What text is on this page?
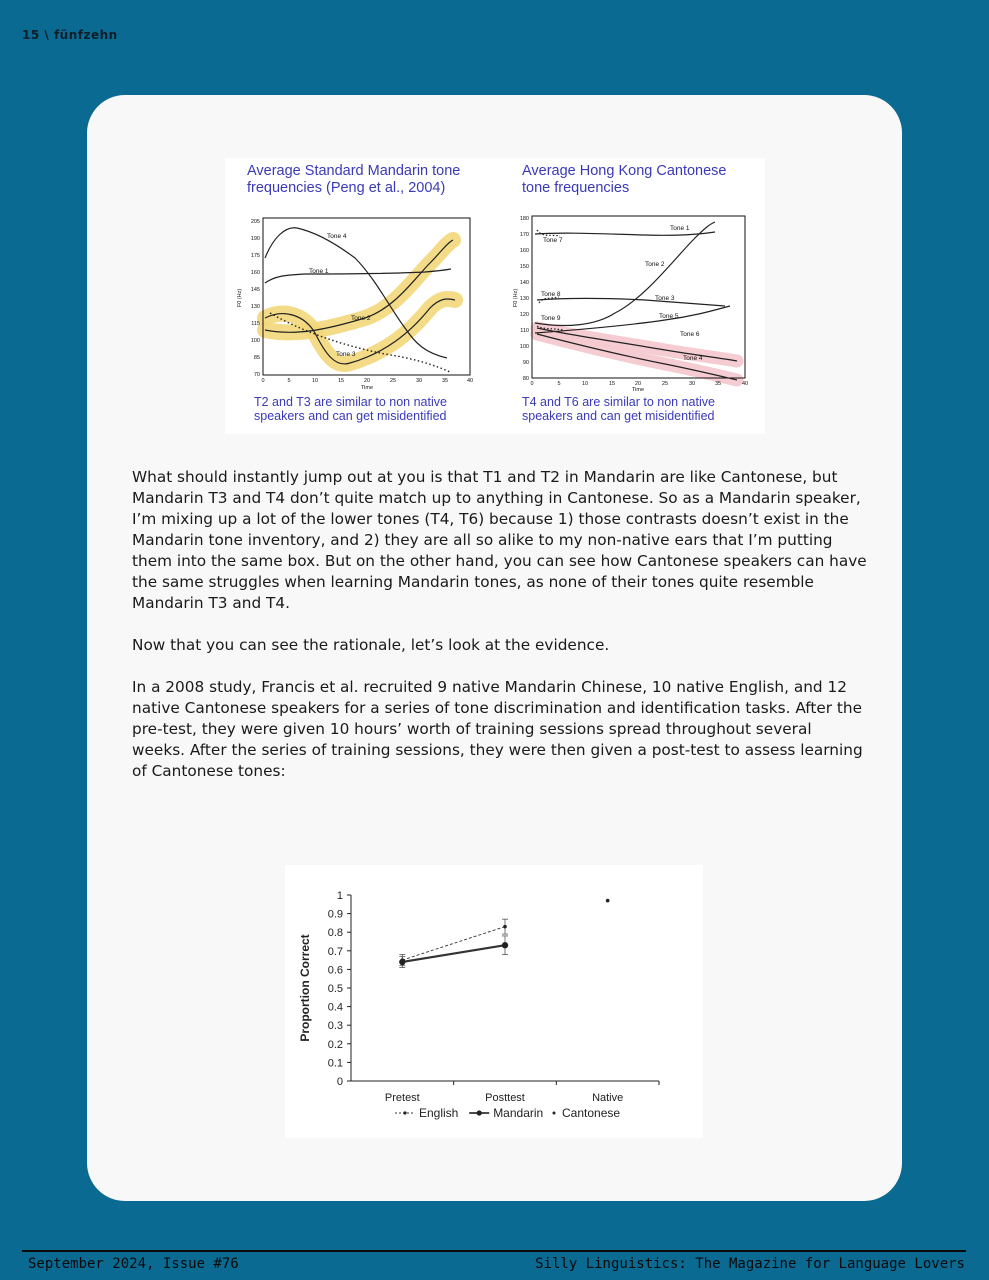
15 \ fünfzehn
Average Standard Mandarin tone
frequencies (Peng et al., 2004)
Average Hong Kong Cantonese
tone frequencies
205
190
175
160
145
130
115
100
85
70
F0 (Hz)
0	5	10	15	20	25	30	35	40
Time
Tone 4
Tone 1
Tone 2
Tone 3
180
170
160
150
140
130
120
110
100
90
80
F0 (Hz)
0	5	10	15	20	25	30	35	40
Time
Tone 1
Tone 7
Tone 2
Tone 8
Tone 3
Tone 9	Tone 5
Tone 6
Tone 4
T2 and T3 are similar to non native
speakers and can get misidentified
T4 and T6 are similar to non native
speakers and can get misidentified

What should instantly jump out at you is that T1 and T2 in Mandarin are like Cantonese, but Mandarin T3 and T4 don’t quite match up to anything in Cantonese. So as a Mandarin speaker, I’m mixing up a lot of the lower tones (T4, T6) because 1) those contrasts doesn’t exist in the Mandarin tone inventory, and 2) they are all so alike to my non-native ears that I’m putting them into the same box. But on the other hand, you can see how Cantonese speakers can have the same struggles when learning Mandarin tones, as none of their tones quite resemble Mandarin T3 and T4.

Now that you can see the rationale, let’s look at the evidence.

In a 2008 study, Francis et al. recruited 9 native Mandarin Chinese, 10 native English, and 12 native Cantonese speakers for a series of tone discrimination and identification tasks. After the pre-test, they were given 10 hours’ worth of training sessions spread throughout several weeks. After the series of training sessions, they were then given a post-test to assess learning of Cantonese tones:

0
0.1
0.2
0.3
0.4
0.5
0.6
0.7
0.8
0.9
1
Pretest	Posttest	Native
Proportion Correct
English	Mandarin Cantonese
September 2024, Issue #76	Silly Linguistics: The Magazine for Language Lovers
